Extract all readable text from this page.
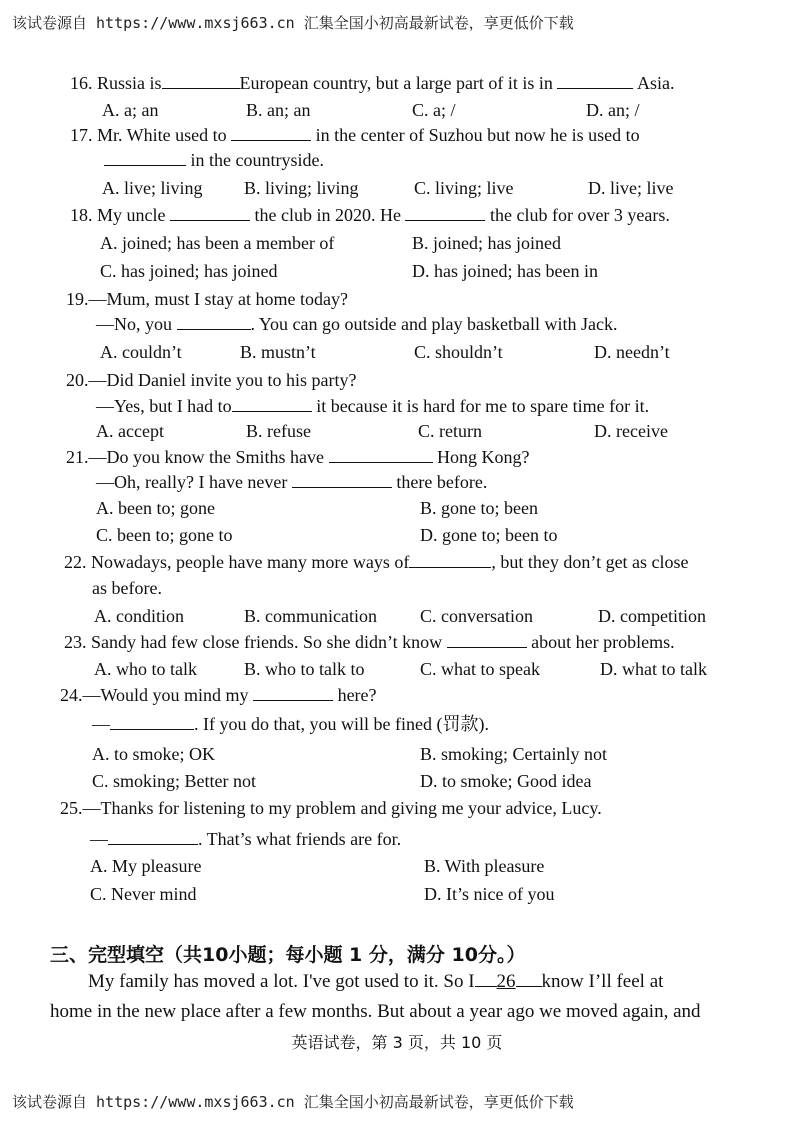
该试卷源自 https://www.mxsj663.cn 汇集全国小初高最新试卷，享更低价下载
16. Russia is	European country, but a large part of it is in	Asia.
A. a; an	B. an; an	C. a; /	D. an; /
17. Mr. White used to	in the center of Suzhou but now he is used to
in the countryside.
A. live; living B. living; living	C. living; live	D. live; live
18. My uncle	the club in 2020. He	the club for over 3 years.
A. joined; has been a member of	B. joined; has joined
C. has joined; has joined	D. has joined; has been in
19.—Mum, must I stay at home today?
—No, you	. You can go outside and play basketball with Jack.
A. couldn’t	B. mustn’t	C. shouldn’t	D. needn’t
20.—Did Daniel invite you to his party?
—Yes, but I had to	it because it is hard for me to spare time for it.
A. accept	B. refuse	C. return	D. receive
21.—Do you know the Smiths have	Hong Kong?
—Oh, really? I have never	there before.
A. been to; gone	B. gone to; been
C. been to; gone to	D. gone to; been to
22. Nowadays, people have many more ways of	, but they don’t get as close
as before.
A. condition	B. communication C. conversation	D. competition
23. Sandy had few close friends. So she didn’t know	about her problems.
A. who to talk	B. who to talk to	C. what to speak	D. what to talk
24.—Would you mind my	here?
—	. If you do that, you will be fined (罚款).
A. to smoke; OK	B. smoking; Certainly not
C. smoking; Better not	D. to smoke; Good idea
25.—Thanks for listening to my problem and giving me your advice, Lucy.
—	. That’s what friends are for.
A. My pleasure	B. With pleasure
C. Never mind	D. It’s nice of you
三、完型填空（共10小题；每小题 1 分，满分 10分。）
My family has moved a lot. I've got used to it. So I 26 know I’ll feel at
home in the new place after a few months. But about a year ago we moved again, and
英语试卷，第 3 页，共 10 页
该试卷源自 https://www.mxsj663.cn 汇集全国小初高最新试卷，享更低价下载
